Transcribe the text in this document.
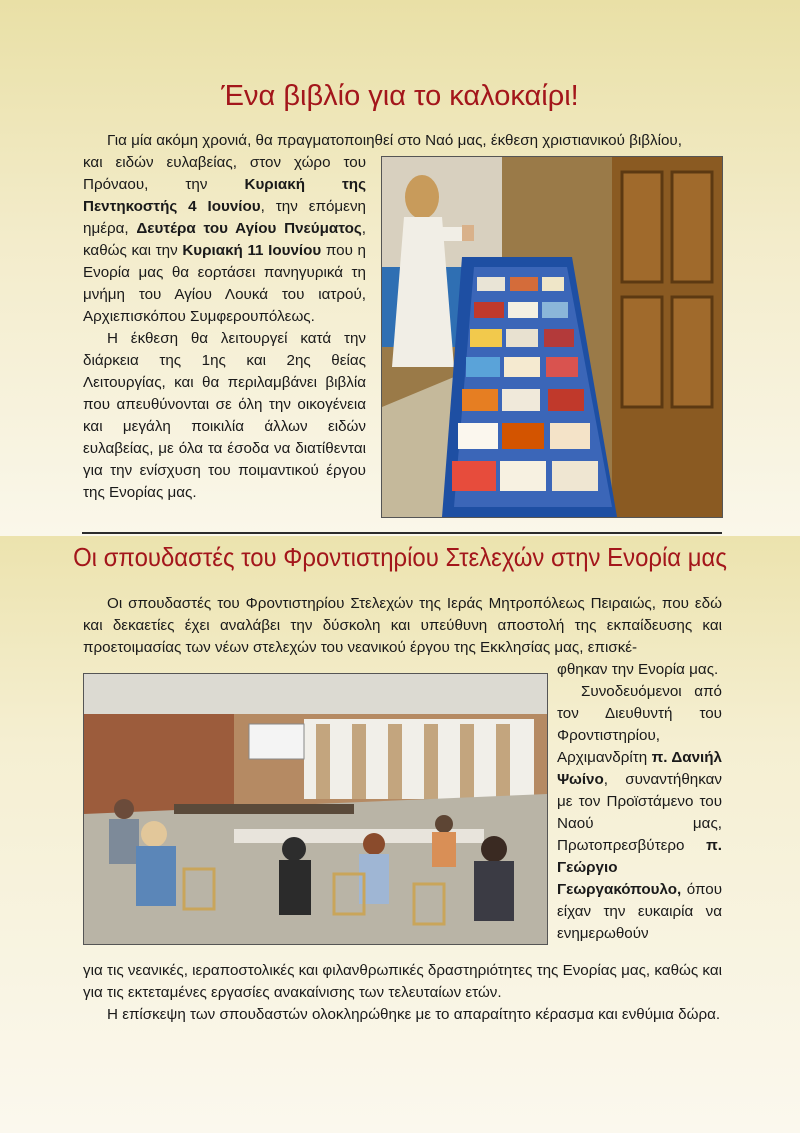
Ένα βιβλίο για το καλοκαίρι!

Για μία ακόμη χρονιά, θα πραγματοποιηθεί στο Ναό μας, έκθεση χριστιανικού βιβλίου,

και ειδών ευλαβείας, στον χώρο του Πρόναου, την Κυριακή της Πεντηκοστής 4 Ιουνίου, την επόμενη ημέρα, Δευτέρα του Αγίου Πνεύματος, καθώς και την Κυριακή 11 Ιουνίου που η Ενορία μας θα εορτάσει πανηγυρικά τη μνήμη του Αγίου Λουκά του ιατρού, Αρχιεπισκόπου Συμφερουπόλεως.

Η έκθεση θα λειτουργεί κατά την διάρκεια της 1ης και 2ης θείας Λειτουργίας, και θα περιλαμβάνει βιβλία που απευθύνονται σε όλη την οικογένεια και μεγάλη ποικιλία άλλων ειδών ευλαβείας, με όλα τα έσοδα να διατίθενται για την ενίσχυση του ποιμαντικού έργου της Ενορίας μας.

Οι σπουδαστές του Φροντιστηρίου Στελεχών στην Ενορία μας

Οι σπουδαστές του Φροντιστηρίου Στελεχών της Ιεράς Μητροπόλεως Πειραιώς, που εδώ και δεκαετίες έχει αναλάβει την δύσκολη και υπεύθυνη αποστολή της εκπαίδευσης και προετοιμασίας των νέων στελεχών του νεανικού έργου της Εκκλησίας μας, επισκέ-

φθηκαν την Ενορία μας.

Συνοδευόμενοι από τον Διευθυντή του Φροντιστηρίου, Αρχιμανδρίτη π. Δανιήλ Ψωίνο, συναντήθηκαν με τον Προϊστάμενο του Ναού μας, Πρωτοπρεσβύτερο π. Γεώργιο Γεωργακόπουλο, όπου είχαν την ευκαιρία να ενημερωθούν

για τις νεανικές, ιεραποστολικές και φιλανθρωπικές δραστηριότητες της Ενορίας μας, καθώς και για τις εκτεταμένες εργασίες ανακαίνισης των τελευταίων ετών.

Η επίσκεψη των σπουδαστών ολοκληρώθηκε με το απαραίτητο κέρασμα και ενθύμια δώρα.
